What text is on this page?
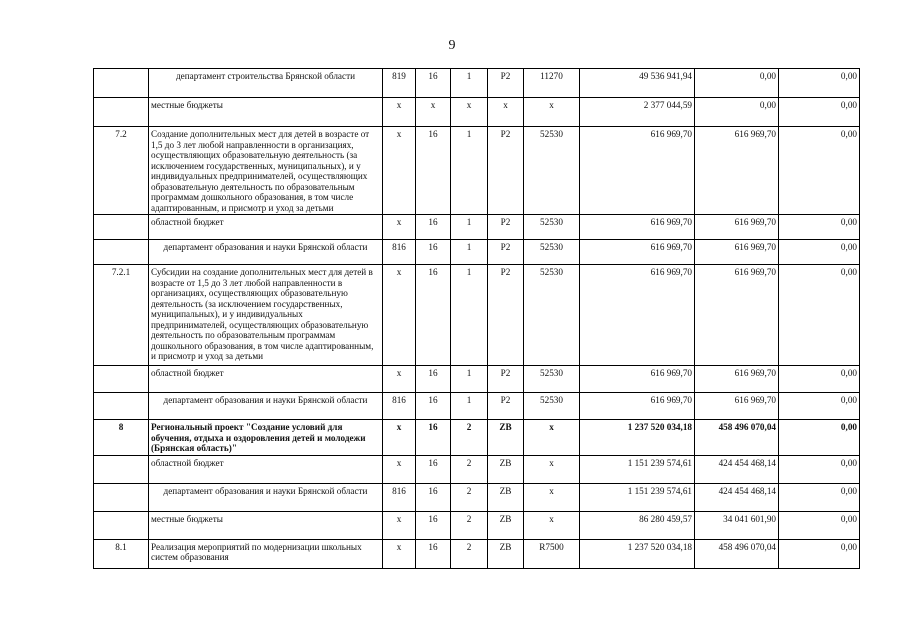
9
	департамент строительства Брянской области	819	16	1	P2	11270	49 536 941,94	0,00	0,00
	местные бюджеты	x	x	x	x	x	2 377 044,59	0,00	0,00
7.2	Создание дополнительных мест для детей в возрасте от 1,5 до 3 лет любой направленности в организациях, осуществляющих образовательную деятельность (за исключением государственных, муниципальных), и у индивидуальных предпринимателей, осуществляющих образовательную деятельность по образовательным программам дошкольного образования, в том числе адаптированным, и присмотр и уход за детьми	x	16	1	P2	52530	616 969,70	616 969,70	0,00
	областной бюджет	x	16	1	P2	52530	616 969,70	616 969,70	0,00
	департамент образования и науки Брянской области	816	16	1	P2	52530	616 969,70	616 969,70	0,00
7.2.1	Субсидии на создание дополнительных мест для детей в возрасте от 1,5 до 3 лет любой направленности в организациях, осуществляющих образовательную деятельность (за исключением государственных, муниципальных), и у индивидуальных предпринимателей, осуществляющих образовательную деятельность по образовательным программам дошкольного образования, в том числе адаптированным, и присмотр и уход за детьми	x	16	1	P2	52530	616 969,70	616 969,70	0,00
	областной бюджет	x	16	1	P2	52530	616 969,70	616 969,70	0,00
	департамент образования и науки Брянской области	816	16	1	P2	52530	616 969,70	616 969,70	0,00
8	Региональный проект "Создание условий для обучения, отдыха и оздоровления детей и молодежи (Брянская область)"	x	16	2	ZB	x	1 237 520 034,18	458 496 070,04	0,00
	областной бюджет	x	16	2	ZB	x	1 151 239 574,61	424 454 468,14	0,00
	департамент образования и науки Брянской области	816	16	2	ZB	x	1 151 239 574,61	424 454 468,14	0,00
	местные бюджеты	x	16	2	ZB	x	86 280 459,57	34 041 601,90	0,00
8.1	Реализация мероприятий по модернизации школьных систем образования	x	16	2	ZB	R7500	1 237 520 034,18	458 496 070,04	0,00
